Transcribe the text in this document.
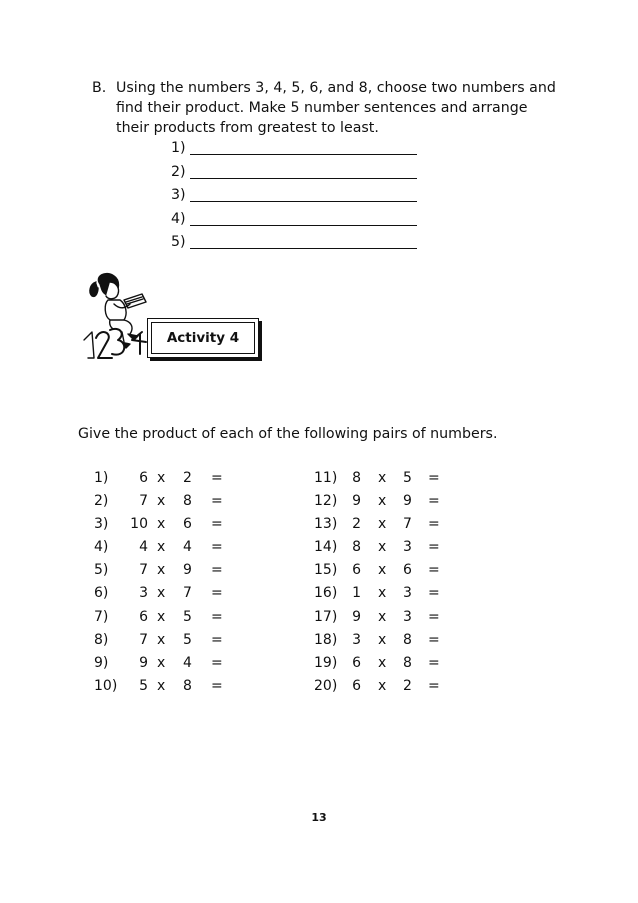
B. Using the numbers 3, 4, 5, 6, and 8, choose two numbers and
find their product. Make 5 number sentences and arrange
their products from greatest to least.
1)
2)
3)
4)
5)
Activity 4
Give the product of each of the following pairs of numbers.
1)	6 x 2 =
2)	7 x 8 =
3) 10 x 6 =
4)	4 x 4 =
5)	7 x 9 =
6)	3 x 7 =
7)	6 x 5 =
8)	7 x 5 =
9)	9 x 4 =
10)	5 x 8 =
11)	8 x 5 =
12)	9 x 9 =
13)	2 x 7 =
14)	8 x 3 =
15)	6 x 6 =
16)	1 x 3 =
17)	9 x 3 =
18)	3 x 8 =
19)	6 x 8 =
20)	6 x 2 =
13
